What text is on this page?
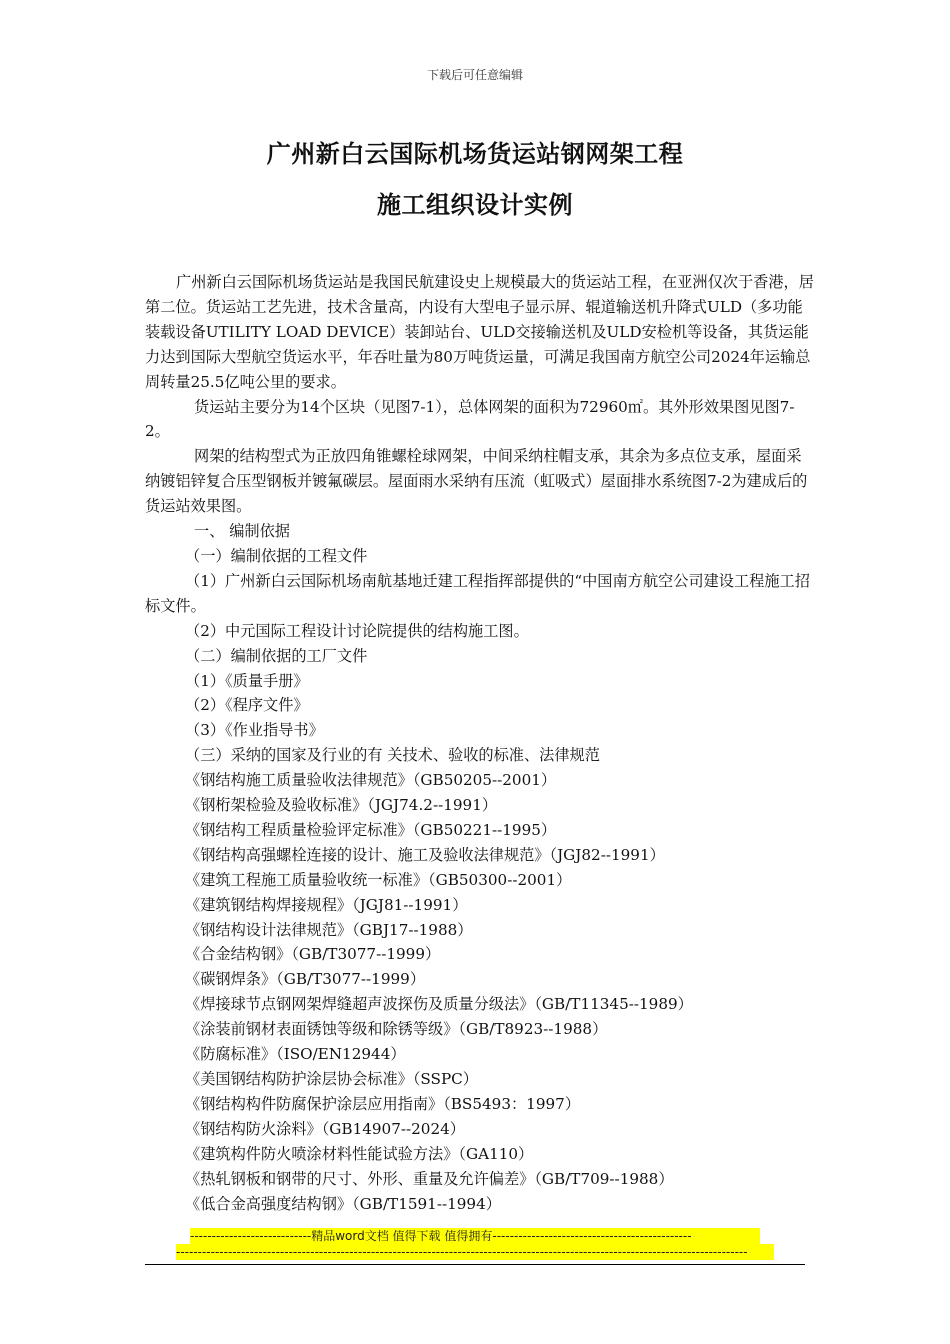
下载后可任意编辑
广州新白云国际机场货运站钢网架工程
施工组织设计实例

广州新白云国际机场货运站是我国民航建设史上规模最大的货运站工程，在亚洲仅次于香港，居第二位。货运站工艺先进，技术含量高，内设有大型电子显示屏、辊道输送机升降式ULD（多功能装载设备UTILITY LOAD DEVICE）装卸站台、ULD交接输送机及ULD安检机等设备，其货运能力达到国际大型航空货运水平，年吞吐量为80万吨货运量，可满足我国南方航空公司2024年运输总周转量25.5亿吨公里的要求。

货运站主要分为14个区块（见图7-1），总体网架的面积为72960㎡。其外形效果图见图7-2。

网架的结构型式为正放四角锥螺栓球网架，中间采纳柱帽支承，其余为多点位支承，屋面采纳镀铝锌复合压型钢板并镀氟碳层。屋面雨水采纳有压流（虹吸式）屋面排水系统图7-2为建成后的货运站效果图。

一、 编制依据

（一）编制依据的工程文件

（1）广州新白云国际机场南航基地迁建工程指挥部提供的“中国南方航空公司建设工程施工招标文件。

（2）中元国际工程设计讨论院提供的结构施工图。

（二）编制依据的工厂文件

（1）《质量手册》

（2）《程序文件》

（3）《作业指导书》

（三）采纳的国家及行业的有 关技术、验收的标准、法律规范

《钢结构施工质量验收法律规范》（GB50205--2001）

《钢桁架检验及验收标准》（JGJ74.2--1991）

《钢结构工程质量检验评定标准》（GB50221--1995）

《钢结构高强螺栓连接的设计、施工及验收法律规范》（JGJ82--1991）

《建筑工程施工质量验收统一标准》（GB50300--2001）

《建筑钢结构焊接规程》（JGJ81--1991）

《钢结构设计法律规范》（GBJ17--1988）

《合金结构钢》（GB/T3077--1999）

《碳钢焊条》（GB/T3077--1999）

《焊接球节点钢网架焊缝超声波探伤及质量分级法》（GB/T11345--1989）

《涂装前钢材表面锈蚀等级和除锈等级》（GB/T8923--1988）

《防腐标准》（ISO/EN12944）

《美国钢结构防护涂层协会标准》（SSPC）

《钢结构构件防腐保护涂层应用指南》（BS5493：1997）

《钢结构防火涂料》（GB14907--2024）

《建筑构件防火喷涂材料性能试验方法》（GA110）

《热轧钢板和钢带的尺寸、外形、重量及允许偏差》（GB/T709--1988）

《低合金高强度结构钢》（GB/T1591--1994）

----------------------------精品word文档 值得下载 值得拥有----------------------------------------------
------------------------------------------------------------------------------------------------------------------------------------
